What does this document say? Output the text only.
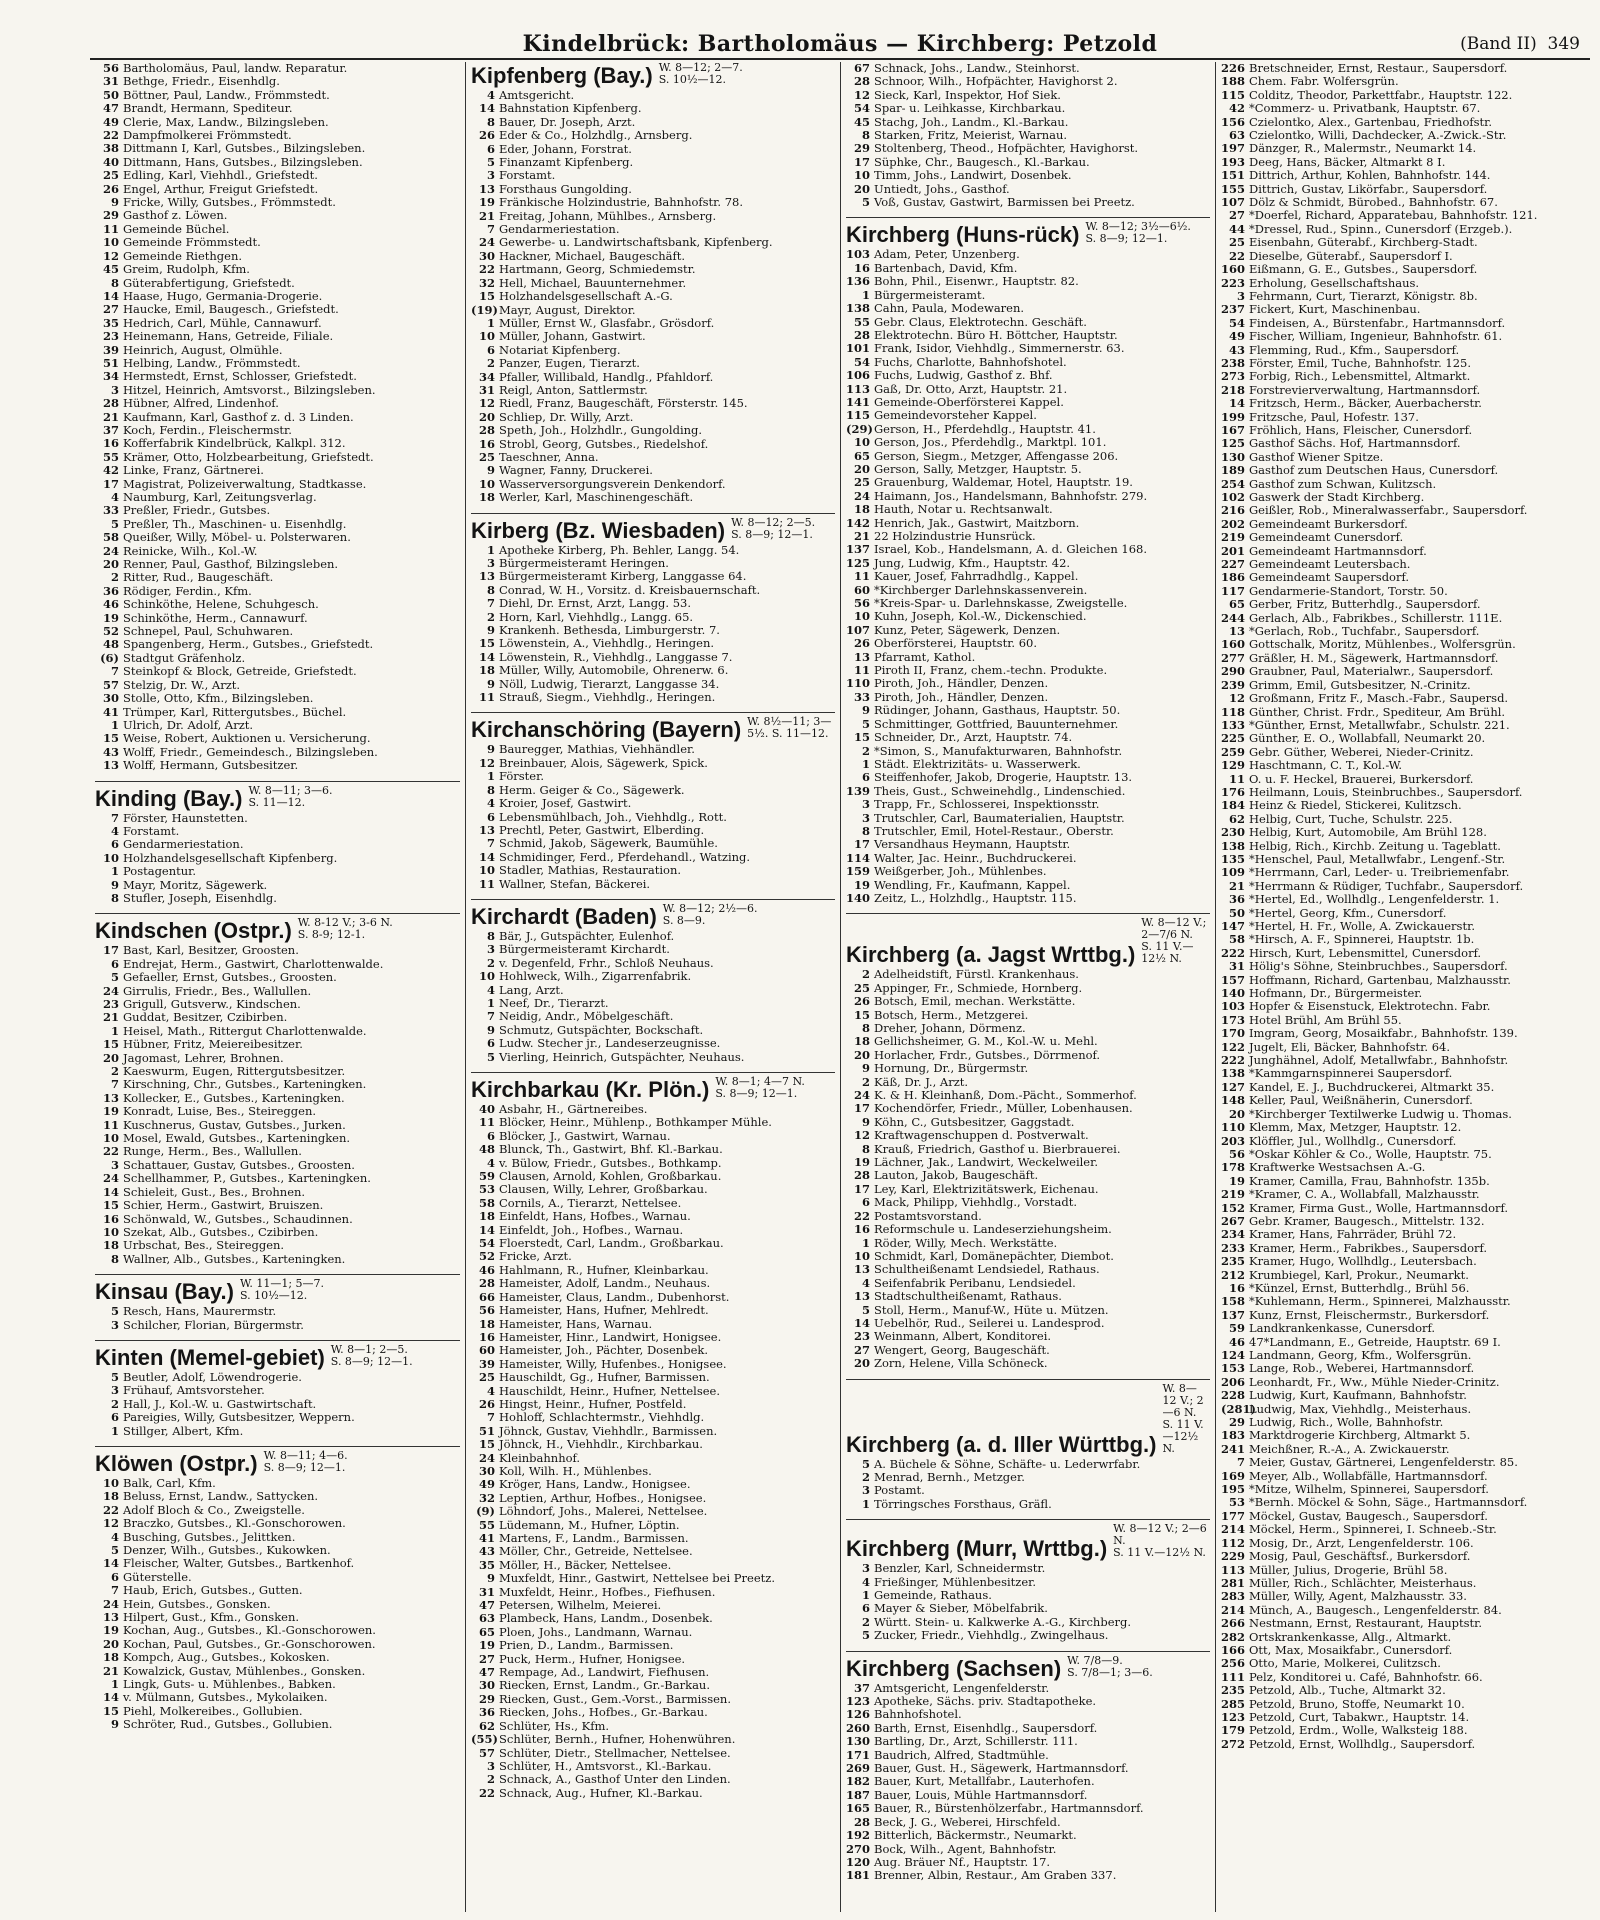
Kindelbrück: Bartholomäus — Kirchberg: Petzold	(Band II) 349
56 Bartholomäus, Paul, landw. Reparatur.
31 Bethge, Friedr., Eisenhdlg.
50 Böttner, Paul, Landw., Frömmstedt.
47 Brandt, Hermann, Spediteur.
49 Clerie, Max, Landw., Bilzingsleben.
22 Dampfmolkerei Frömmstedt.
38 Dittmann I, Karl, Gutsbes., Bilzingsleben.
40 Dittmann, Hans, Gutsbes., Bilzingsleben.
25 Edling, Karl, Viehhdl., Griefstedt.
26 Engel, Arthur, Freigut Griefstedt.
9 Fricke, Willy, Gutsbes., Frömmstedt.
29 Gasthof z. Löwen.
11 Gemeinde Büchel.
10 Gemeinde Frömmstedt.
12 Gemeinde Riethgen.
45 Greim, Rudolph, Kfm.
8 Güterabfertigung, Griefstedt.
14 Haase, Hugo, Germania-Drogerie.
27 Haucke, Emil, Baugesch., Griefstedt.
35 Hedrich, Carl, Mühle, Cannawurf.
23 Heinemann, Hans, Getreide, Filiale.
39 Heinrich, August, Olmühle.
51 Helbing, Landw., Frömmstedt.
34 Hermstedt, Ernst, Schlosser, Griefstedt.
3 Hitzel, Heinrich, Amtsvorst., Bilzingsleben.
28 Hübner, Alfred, Lindenhof.
21 Kaufmann, Karl, Gasthof z. d. 3 Linden.
37 Koch, Ferdin., Fleischermstr.
16 Kofferfabrik Kindelbrück, Kalkpl. 312.
55 Krämer, Otto, Holzbearbeitung, Griefstedt.
42 Linke, Franz, Gärtnerei.
17 Magistrat, Polizeiverwaltung, Stadtkasse.
4 Naumburg, Karl, Zeitungsverlag.
33 Preßler, Friedr., Gutsbes.
5 Preßler, Th., Maschinen- u. Eisenhdlg.
58 Queißer, Willy, Möbel- u. Polsterwaren.
24 Reinicke, Wilh., Kol.-W.
20 Renner, Paul, Gasthof, Bilzingsleben.
2 Ritter, Rud., Baugeschäft.
36 Rödiger, Ferdin., Kfm.
46 Schinköthe, Helene, Schuhgesch.
19 Schinköthe, Herm., Cannawurf.
52 Schnepel, Paul, Schuhwaren.
48 Spangenberg, Herm., Gutsbes., Griefstedt.
(6) Stadtgut Gräfenholz.
7 Steinkopf & Block, Getreide, Griefstedt.
57 Stelzig, Dr. W., Arzt.
30 Stolle, Otto, Kfm., Bilzingsleben.
41 Trümper, Karl, Rittergutsbes., Büchel.
1 Ulrich, Dr. Adolf, Arzt.
15 Weise, Robert, Auktionen u. Versicherung.
43 Wolff, Friedr., Gemeindesch., Bilzingsleben.
13 Wolff, Hermann, Gutsbesitzer.
Kinding (Bay.) W. 8—11; 3—6.
S. 11—12.
7 Förster, Haunstetten.
4 Forstamt.
6 Gendarmeriestation.
10 Holzhandelsgesellschaft Kipfenberg.
1 Postagentur.
9 Mayr, Moritz, Sägewerk.
8 Stufler, Joseph, Eisenhdlg.
Kindschen (Ostpr.) W. 8-12 V.; 3-6 N.
S. 8-9; 12-1.
17 Bast, Karl, Besitzer, Groosten.
6 Endrejat, Herm., Gastwirt, Charlottenwalde.
5 Gefaeller, Ernst, Gutsbes., Groosten.
24 Girrulis, Friedr., Bes., Wallullen.
23 Grigull, Gutsverw., Kindschen.
21 Guddat, Besitzer, Czibirben.
1 Heisel, Math., Rittergut Charlottenwalde.
15 Hübner, Fritz, Meiereibesitzer.
20 Jagomast, Lehrer, Brohnen.
2 Kaeswurm, Eugen, Rittergutsbesitzer.
7 Kirschning, Chr., Gutsbes., Karteningken.
13 Kollecker, E., Gutsbes., Karteningken.
19 Konradt, Luise, Bes., Steireggen.
11 Kuschnerus, Gustav, Gutsbes., Jurken.
10 Mosel, Ewald, Gutsbes., Karteningken.
22 Runge, Herm., Bes., Wallullen.
3 Schattauer, Gustav, Gutsbes., Groosten.
24 Schellhammer, P., Gutsbes., Karteningken.
14 Schieleit, Gust., Bes., Brohnen.
15 Schier, Herm., Gastwirt, Bruiszen.
16 Schönwald, W., Gutsbes., Schaudinnen.
10 Szekat, Alb., Gutsbes., Czibirben.
18 Urbschat, Bes., Steireggen.
8 Wallner, Alb., Gutsbes., Karteningken.
Kinsau (Bay.) W. 11—1; 5—7.
S. 10½—12.
5 Resch, Hans, Maurermstr.
3 Schilcher, Florian, Bürgermstr.
Kinten (Memel-gebiet) W. 8—1; 2—5.
S. 8—9; 12—1.
5 Beutler, Adolf, Löwendrogerie.
3 Frühauf, Amtsvorsteher.
2 Hall, J., Kol.-W. u. Gastwirtschaft.
6 Pareigies, Willy, Gutsbesitzer, Weppern.
1 Stillger, Albert, Kfm.
Klöwen (Ostpr.) W. 8—11; 4—6.
S. 8—9; 12—1.
10 Balk, Carl, Kfm.
18 Beluss, Ernst, Landw., Sattycken.
22 Adolf Bloch & Co., Zweigstelle.
12 Braczko, Gutsbes., Kl.-Gonschorowen.
4 Busching, Gutsbes., Jelittken.
5 Denzer, Wilh., Gutsbes., Kukowken.
14 Fleischer, Walter, Gutsbes., Bartkenhof.
6 Güterstelle.
7 Haub, Erich, Gutsbes., Gutten.
24 Hein, Gutsbes., Gonsken.
13 Hilpert, Gust., Kfm., Gonsken.
19 Kochan, Aug., Gutsbes., Kl.-Gonschorowen.
20 Kochan, Paul, Gutsbes., Gr.-Gonschorowen.
18 Kompch, Aug., Gutsbes., Kokosken.
21 Kowalzick, Gustav, Mühlenbes., Gonsken.
1 Lingk, Guts- u. Mühlenbes., Babken.
14 v. Mülmann, Gutsbes., Mykolaiken.
15 Piehl, Molkereibes., Gollubien.
9 Schröter, Rud., Gutsbes., Gollubien.
Kipfenberg (Bay.) W. 8—12; 2—7.
S. 10½—12.
4 Amtsgericht.
14 Bahnstation Kipfenberg.
8 Bauer, Dr. Joseph, Arzt.
26 Eder & Co., Holzhdlg., Arnsberg.
6 Eder, Johann, Forstrat.
5 Finanzamt Kipfenberg.
3 Forstamt.
13 Forsthaus Gungolding.
19 Fränkische Holzindustrie, Bahnhofstr. 78.
21 Freitag, Johann, Mühlbes., Arnsberg.
7 Gendarmeriestation.
24 Gewerbe- u. Landwirtschaftsbank, Kipfenberg.
30 Hackner, Michael, Baugeschäft.
22 Hartmann, Georg, Schmiedemstr.
32 Hell, Michael, Bauunternehmer.
15 Holzhandelsgesellschaft A.-G.
(19)Mayr, August, Direktor.
1 Müller, Ernst W., Glasfabr., Grösdorf.
10 Müller, Johann, Gastwirt.
6 Notariat Kipfenberg.
2 Panzer, Eugen, Tierarzt.
34 Pfaller, Willibald, Handlg., Pfahldorf.
31 Reigl, Anton, Sattlermstr.
12 Riedl, Franz, Baugeschäft, Försterstr. 145.
20 Schliep, Dr. Willy, Arzt.
28 Speth, Joh., Holzhdlr., Gungolding.
16 Strobl, Georg, Gutsbes., Riedelshof.
25 Taeschner, Anna.
9 Wagner, Fanny, Druckerei.
10 Wasserversorgungsverein Denkendorf.
18 Werler, Karl, Maschinengeschäft.
Kirberg (Bz. Wiesbaden) W. 8—12; 2—5.
S. 8—9; 12—1.
1 Apotheke Kirberg, Ph. Behler, Langg. 54.
3 Bürgermeisteramt Heringen.
13 Bürgermeisteramt Kirberg, Langgasse 64.
8 Conrad, W. H., Vorsitz. d. Kreisbauernschaft.
7 Diehl, Dr. Ernst, Arzt, Langg. 53.
2 Horn, Karl, Viehhdlg., Langg. 65.
9 Krankenh. Bethesda, Limburgerstr. 7.
15 Löwenstein, A., Viehhdlg., Heringen.
14 Löwenstein, R., Viehhdlg., Langgasse 7.
18 Müller, Willy, Automobile, Ohrenerw. 6.
9 Nöll, Ludwig, Tierarzt, Langgasse 34.
11 Strauß, Siegm., Viehhdlg., Heringen.
Kirchanschöring (Bayern) W. 8½—11; 3—5½. S. 11—12.
9 Bauregger, Mathias, Viehhändler.
12 Breinbauer, Alois, Sägewerk, Spick.
1 Förster.
8 Herm. Geiger & Co., Sägewerk.
4 Kroier, Josef, Gastwirt.
6 Lebensmühlbach, Joh., Viehhdlg., Rott.
13 Prechtl, Peter, Gastwirt, Elberding.
7 Schmid, Jakob, Sägewerk, Baumühle.
14 Schmidinger, Ferd., Pferdehandl., Watzing.
10 Stadler, Mathias, Restauration.
11 Wallner, Stefan, Bäckerei.
Kirchardt (Baden) W. 8—12; 2½—6.
S. 8—9.
8 Bär, J., Gutspächter, Eulenhof.
3 Bürgermeisteramt Kirchardt.
2 v. Degenfeld, Frhr., Schloß Neuhaus.
10 Hohlweck, Wilh., Zigarrenfabrik.
4 Lang, Arzt.
1 Neef, Dr., Tierarzt.
7 Neidig, Andr., Möbelgeschäft.
9 Schmutz, Gutspächter, Bockschaft.
6 Ludw. Stecher jr., Landeserzeugnisse.
5 Vierling, Heinrich, Gutspächter, Neuhaus.
Kirchbarkau (Kr. Plön.) W. 8—1; 4—7 N.
S. 8—9; 12—1.
40 Asbahr, H., Gärtnereibes.
11 Blöcker, Heinr., Mühlenp., Bothkamper Mühle.
6 Blöcker, J., Gastwirt, Warnau.
48 Blunck, Th., Gastwirt, Bhf. Kl.-Barkau.
4 v. Bülow, Friedr., Gutsbes., Bothkamp.
59 Clausen, Arnold, Kohlen, Großbarkau.
53 Clausen, Willy, Lehrer, Großbarkau.
58 Cornils, A., Tierarzt, Nettelsee.
18 Einfeldt, Hans, Hofbes., Warnau.
14 Einfeldt, Joh., Hofbes., Warnau.
54 Floerstedt, Carl, Landm., Großbarkau.
52 Fricke, Arzt.
46 Hahlmann, R., Hufner, Kleinbarkau.
28 Hameister, Adolf, Landm., Neuhaus.
66 Hameister, Claus, Landm., Dubenhorst.
56 Hameister, Hans, Hufner, Mehlredt.
18 Hameister, Hans, Warnau.
16 Hameister, Hinr., Landwirt, Honigsee.
60 Hameister, Joh., Pächter, Dosenbek.
39 Hameister, Willy, Hufenbes., Honigsee.
25 Hauschildt, Gg., Hufner, Barmissen.
4 Hauschildt, Heinr., Hufner, Nettelsee.
26 Hingst, Heinr., Hufner, Postfeld.
7 Hohloff, Schlachtermstr., Viehhdlg.
51 Jöhnck, Gustav, Viehhdlr., Barmissen.
15 Jöhnck, H., Viehhdlr., Kirchbarkau.
24 Kleinbahnhof.
30 Koll, Wilh. H., Mühlenbes.
49 Kröger, Hans, Landw., Honigsee.
32 Leptien, Arthur, Hofbes., Honigsee.
(9) Löhndorf, Johs., Malerei, Nettelsee.
55 Lüdemann, M., Hufner, Löptin.
41 Martens, F., Landm., Barmissen.
43 Möller, Chr., Getreide, Nettelsee.
35 Möller, H., Bäcker, Nettelsee.
9 Muxfeldt, Hinr., Gastwirt, Nettelsee bei Preetz.
31 Muxfeldt, Heinr., Hofbes., Fiefhusen.
47 Petersen, Wilhelm, Meierei.
63 Plambeck, Hans, Landm., Dosenbek.
65 Ploen, Johs., Landmann, Warnau.
19 Prien, D., Landm., Barmissen.
27 Puck, Herm., Hufner, Honigsee.
47 Rempage, Ad., Landwirt, Fiefhusen.
30 Riecken, Ernst, Landm., Gr.-Barkau.
29 Riecken, Gust., Gem.-Vorst., Barmissen.
36 Riecken, Johs., Hofbes., Gr.-Barkau.
62 Schlüter, Hs., Kfm.
(55)Schlüter, Bernh., Hufner, Hohenwühren.
57 Schlüter, Dietr., Stellmacher, Nettelsee.
3 Schlüter, H., Amtsvorst., Kl.-Barkau.
2 Schnack, A., Gasthof Unter den Linden.
22 Schnack, Aug., Hufner, Kl.-Barkau.
67 Schnack, Johs., Landw., Steinhorst.
28 Schnoor, Wilh., Hofpächter, Havighorst 2.
12 Sieck, Karl, Inspektor, Hof Siek.
54 Spar- u. Leihkasse, Kirchbarkau.
45 Stachg, Joh., Landm., Kl.-Barkau.
8 Starken, Fritz, Meierist, Warnau.
29 Stoltenberg, Theod., Hofpächter, Havighorst.
17 Süphke, Chr., Baugesch., Kl.-Barkau.
10 Timm, Johs., Landwirt, Dosenbek.
20 Untiedt, Johs., Gasthof.
5 Voß, Gustav, Gastwirt, Barmissen bei Preetz.
Kirchberg (Huns-rück) W. 8—12; 3½—6½.
S. 8—9; 12—1.
103 Adam, Peter, Unzenberg.
16 Bartenbach, David, Kfm.
136 Bohn, Phil., Eisenwr., Hauptstr. 82.
1 Bürgermeisteramt.
138 Cahn, Paula, Modewaren.
55 Gebr. Claus, Elektrotechn. Geschäft.
28 Elektrotechn. Büro H. Böttcher, Hauptstr.
101 Frank, Isidor, Viehhdlg., Simmernerstr. 63.
54 Fuchs, Charlotte, Bahnhofshotel.
106 Fuchs, Ludwig, Gasthof z. Bhf.
113 Gaß, Dr. Otto, Arzt, Hauptstr. 21.
141 Gemeinde-Oberförsterei Kappel.
115 Gemeindevorsteher Kappel.
(29)Gerson, H., Pferdehdlg., Hauptstr. 41.
10 Gerson, Jos., Pferdehdlg., Marktpl. 101.
65 Gerson, Siegm., Metzger, Affengasse 206.
20 Gerson, Sally, Metzger, Hauptstr. 5.
25 Grauenburg, Waldemar, Hotel, Hauptstr. 19.
24 Haimann, Jos., Handelsmann, Bahnhofstr. 279.
18 Hauth, Notar u. Rechtsanwalt.
142 Henrich, Jak., Gastwirt, Maitzborn.
21 22 Holzindustrie Hunsrück.
137 Israel, Kob., Handelsmann, A. d. Gleichen 168.
125 Jung, Ludwig, Kfm., Hauptstr. 42.
11 Kauer, Josef, Fahrradhdlg., Kappel.
60 *Kirchberger Darlehnskassenverein.
56 *Kreis-Spar- u. Darlehnskasse, Zweigstelle.
10 Kuhn, Joseph, Kol.-W., Dickenschied.
107 Kunz, Peter, Sägewerk, Denzen.
26 Oberförsterei, Hauptstr. 60.
13 Pfarramt, Kathol.
11 Piroth II, Franz, chem.-techn. Produkte.
110 Piroth, Joh., Händler, Denzen.
33 Piroth, Joh., Händler, Denzen.
9 Rüdinger, Johann, Gasthaus, Hauptstr. 50.
5 Schmittinger, Gottfried, Bauunternehmer.
15 Schneider, Dr., Arzt, Hauptstr. 74.
2 *Simon, S., Manufakturwaren, Bahnhofstr.
1 Städt. Elektrizitäts- u. Wasserwerk.
6 Steiffenhofer, Jakob, Drogerie, Hauptstr. 13.
139 Theis, Gust., Schweinehdlg., Lindenschied.
3 Trapp, Fr., Schlosserei, Inspektionsstr.
3 Trutschler, Carl, Baumaterialien, Hauptstr.
8 Trutschler, Emil, Hotel-Restaur., Oberstr.
17 Versandhaus Heymann, Hauptstr.
114 Walter, Jac. Heinr., Buchdruckerei.
159 Weißgerber, Joh., Mühlenbes.
19 Wendling, Fr., Kaufmann, Kappel.
140 Zeitz, L., Holzhdlg., Hauptstr. 115.
Kirchberg (a. Jagst Wrttbg.)
W. 8—12 V.; 2—7/6 N.
S. 11 V.—12½ N.
2 Adelheidstift, Fürstl. Krankenhaus.
25 Appinger, Fr., Schmiede, Hornberg.
26 Botsch, Emil, mechan. Werkstätte.
15 Botsch, Herm., Metzgerei.
8 Dreher, Johann, Dörmenz.
18 Gellichsheimer, G. M., Kol.-W. u. Mehl.
20 Horlacher, Frdr., Gutsbes., Dörrmenof.
9 Hornung, Dr., Bürgermstr.
2 Käß, Dr. J., Arzt.
24 K. & H. Kleinhanß, Dom.-Pächt., Sommerhof.
17 Kochendörfer, Friedr., Müller, Lobenhausen.
9 Köhn, C., Gutsbesitzer, Gaggstadt.
12 Kraftwagenschuppen d. Postverwalt.
8 Krauß, Friedrich, Gasthof u. Bierbrauerei.
19 Lächner, Jak., Landwirt, Weckelweiler.
28 Lauton, Jakob, Baugeschäft.
17 Ley, Karl, Elektrizitätswerk, Eichenau.
6 Mack, Philipp, Viehhdlg., Vorstadt.
22 Postamtsvorstand.
16 Reformschule u. Landeserziehungsheim.
1 Röder, Willy, Mech. Werkstätte.
10 Schmidt, Karl, Domänepächter, Diembot.
13 Schultheißenamt Lendsiedel, Rathaus.
4 Seifenfabrik Peribanu, Lendsiedel.
13 Stadtschultheißenamt, Rathaus.
5 Stoll, Herm., Manuf-W., Hüte u. Mützen.
14 Uebelhör, Rud., Seilerei u. Landesprod.
23 Weinmann, Albert, Konditorei.
27 Wengert, Georg, Baugeschäft.
20 Zorn, Helene, Villa Schöneck.
Kirchberg (a. d. Iller Württbg.)
W. 8—12 V.; 2—6 N.
S. 11 V.—12½ N.
5 A. Büchele & Söhne, Schäfte- u. Lederwrfabr.
2 Menrad, Bernh., Metzger.
3 Postamt.
1 Törringsches Forsthaus, Gräfl.
Kirchberg (Murr, Wrttbg.)
W. 8—12 V.; 2—6 N.
S. 11 V.—12½ N.
3 Benzler, Karl, Schneidermstr.
4 Frießinger, Mühlenbesitzer.
1 Gemeinde, Rathaus.
6 Mayer & Sieber, Möbelfabrik.
2 Württ. Stein- u. Kalkwerke A.-G., Kirchberg.
5 Zucker, Friedr., Viehhdlg., Zwingelhaus.
Kirchberg (Sachsen) W. 7/8—9.
S. 7/8—1; 3—6.
37 Amtsgericht, Lengenfelderstr.
123 Apotheke, Sächs. priv. Stadtapotheke.
126 Bahnhofshotel.
260 Barth, Ernst, Eisenhdlg., Saupersdorf.
130 Bartling, Dr., Arzt, Schillerstr. 111.
171 Baudrich, Alfred, Stadtmühle.
269 Bauer, Gust. H., Sägewerk, Hartmannsdorf.
182 Bauer, Kurt, Metallfabr., Lauterhofen.
187 Bauer, Louis, Mühle Hartmannsdorf.
165 Bauer, R., Bürstenhölzerfabr., Hartmannsdorf.
28 Beck, J. G., Weberei, Hirschfeld.
192 Bitterlich, Bäckermstr., Neumarkt.
270 Bock, Wilh., Agent, Bahnhofstr.
120 Aug. Bräuer Nf., Hauptstr. 17.
181 Brenner, Albin, Restaur., Am Graben 337.
226 Bretschneider, Ernst, Restaur., Saupersdorf.
188 Chem. Fabr. Wolfersgrün.
115 Colditz, Theodor, Parkettfabr., Hauptstr. 122.
42 *Commerz- u. Privatbank, Hauptstr. 67.
156 Czielontko, Alex., Gartenbau, Friedhofstr.
63 Czielontko, Willi, Dachdecker, A.-Zwick.-Str.
197 Dänzger, R., Malermstr., Neumarkt 14.
193 Deeg, Hans, Bäcker, Altmarkt 8 I.
151 Dittrich, Arthur, Kohlen, Bahnhofstr. 144.
155 Dittrich, Gustav, Likörfabr., Saupersdorf.
107 Dölz & Schmidt, Bürobed., Bahnhofstr. 67.
27 *Doerfel, Richard, Apparatebau, Bahnhofstr. 121.
44 *Dressel, Rud., Spinn., Cunersdorf (Erzgeb.).
25 Eisenbahn, Güterabf., Kirchberg-Stadt.
22 Dieselbe, Güterabf., Saupersdorf I.
160 Eißmann, G. E., Gutsbes., Saupersdorf.
223 Erholung, Gesellschaftshaus.
3 Fehrmann, Curt, Tierarzt, Königstr. 8b.
237 Fickert, Kurt, Maschinenbau.
54 Findeisen, A., Bürstenfabr., Hartmannsdorf.
49 Fischer, William, Ingenieur, Bahnhofstr. 61.
43 Flemming, Rud., Kfm., Saupersdorf.
238 Förster, Emil, Tuche, Bahnhofstr. 125.
273 Forbig, Rich., Lebensmittel, Altmarkt.
218 Forstrevierverwaltung, Hartmannsdorf.
14 Fritzsch, Herm., Bäcker, Auerbacherstr.
199 Fritzsche, Paul, Hofestr. 137.
167 Fröhlich, Hans, Fleischer, Cunersdorf.
125 Gasthof Sächs. Hof, Hartmannsdorf.
130 Gasthof Wiener Spitze.
189 Gasthof zum Deutschen Haus, Cunersdorf.
254 Gasthof zum Schwan, Kulitzsch.
102 Gaswerk der Stadt Kirchberg.
216 Geißler, Rob., Mineralwasserfabr., Saupersdorf.
202 Gemeindeamt Burkersdorf.
219 Gemeindeamt Cunersdorf.
201 Gemeindeamt Hartmannsdorf.
227 Gemeindeamt Leutersbach.
186 Gemeindeamt Saupersdorf.
117 Gendarmerie-Standort, Torstr. 50.
65 Gerber, Fritz, Butterhdlg., Saupersdorf.
244 Gerlach, Alb., Fabrikbes., Schillerstr. 111E.
13 *Gerlach, Rob., Tuchfabr., Saupersdorf.
160 Gottschalk, Moritz, Mühlenbes., Wolfersgrün.
277 Gräßler, H. M., Sägewerk, Hartmannsdorf.
290 Graubner, Paul, Materialwr., Saupersdorf.
239 Grimm, Emil, Gutsbesitzer, N.-Crinitz.
12 Großmann, Fritz F., Masch.-Fabr., Saupersd.
118 Günther, Christ. Frdr., Spediteur, Am Brühl.
133 *Günther, Ernst, Metallwfabr., Schulstr. 221.
225 Günther, E. O., Wollabfall, Neumarkt 20.
259 Gebr. Güther, Weberei, Nieder-Crinitz.
129 Haschtmann, C. T., Kol.-W.
11 O. u. F. Heckel, Brauerei, Burkersdorf.
176 Heilmann, Louis, Steinbruchbes., Saupersdorf.
184 Heinz & Riedel, Stickerei, Kulitzsch.
62 Helbig, Curt, Tuche, Schulstr. 225.
230 Helbig, Kurt, Automobile, Am Brühl 128.
138 Helbig, Rich., Kirchb. Zeitung u. Tageblatt.
135 *Henschel, Paul, Metallwfabr., Lengenf.-Str.
109 *Herrmann, Carl, Leder- u. Treibriemenfabr.
21 *Herrmann & Rüdiger, Tuchfabr., Saupersdorf.
36 *Hertel, Ed., Wollhdlg., Lengenfelderstr. 1.
50 *Hertel, Georg, Kfm., Cunersdorf.
147 *Hertel, H. Fr., Wolle, A. Zwickauerstr.
58 *Hirsch, A. F., Spinnerei, Hauptstr. 1b.
222 Hirsch, Kurt, Lebensmittel, Cunersdorf.
31 Hölig's Söhne, Steinbruchbes., Saupersdorf.
157 Hoffmann, Richard, Gartenbau, Malzhausstr.
140 Hofmann, Dr., Bürgermeister.
103 Hopfer & Eisenstuck, Elektrotechn. Fabr.
173 Hotel Brühl, Am Brühl 55.
170 Imgram, Georg, Mosaikfabr., Bahnhofstr. 139.
122 Jugelt, Eli, Bäcker, Bahnhofstr. 64.
222 Junghähnel, Adolf, Metallwfabr., Bahnhofstr.
138 *Kammgarnspinnerei Saupersdorf.
127 Kandel, E. J., Buchdruckerei, Altmarkt 35.
148 Keller, Paul, Weißnäherin, Cunersdorf.
20 *Kirchberger Textilwerke Ludwig u. Thomas.
110 Klemm, Max, Metzger, Hauptstr. 12.
203 Klöffler, Jul., Wollhdlg., Cunersdorf.
56 *Oskar Köhler & Co., Wolle, Hauptstr. 75.
178 Kraftwerke Westsachsen A.-G.
19 Kramer, Camilla, Frau, Bahnhofstr. 135b.
219 *Kramer, C. A., Wollabfall, Malzhausstr.
152 Kramer, Firma Gust., Wolle, Hartmannsdorf.
267 Gebr. Kramer, Baugesch., Mittelstr. 132.
234 Kramer, Hans, Fahrräder, Brühl 72.
233 Kramer, Herm., Fabrikbes., Saupersdorf.
235 Kramer, Hugo, Wollhdlg., Leutersbach.
212 Krumbiegel, Karl, Prokur., Neumarkt.
16 *Künzel, Ernst, Butterhdlg., Brühl 56.
158 *Kuhlemann, Herm., Spinnerei, Malzhausstr.
137 Kunz, Ernst, Fleischermstr., Burkersdorf.
59 Landkrankenkasse, Cunersdorf.
46 47*Landmann, E., Getreide, Hauptstr. 69 I.
124 Landmann, Georg, Kfm., Wolfersgrün.
153 Lange, Rob., Weberei, Hartmannsdorf.
206 Leonhardt, Fr., Ww., Mühle Nieder-Crinitz.
228 Ludwig, Kurt, Kaufmann, Bahnhofstr.
(281)Ludwig, Max, Viehhdlg., Meisterhaus.
29 Ludwig, Rich., Wolle, Bahnhofstr.
183 Marktdrogerie Kirchberg, Altmarkt 5.
241 Meichßner, R.-A., A. Zwickauerstr.
7 Meier, Gustav, Gärtnerei, Lengenfelderstr. 85.
169 Meyer, Alb., Wollabfälle, Hartmannsdorf.
195 *Mitze, Wilhelm, Spinnerei, Saupersdorf.
53 *Bernh. Möckel & Sohn, Säge., Hartmannsdorf.
177 Möckel, Gustav, Baugesch., Saupersdorf.
214 Möckel, Herm., Spinnerei, I. Schneeb.-Str.
112 Mosig, Dr., Arzt, Lengenfelderstr. 106.
229 Mosig, Paul, Geschäftsf., Burkersdorf.
113 Müller, Julius, Drogerie, Brühl 58.
281 Müller, Rich., Schlächter, Meisterhaus.
283 Müller, Willy, Agent, Malzhausstr. 33.
214 Münch, A., Baugesch., Lengenfelderstr. 84.
266 Nestmann, Ernst, Restaurant, Hauptstr.
282 Ortskrankenkasse, Allg., Altmarkt.
166 Ott, Max, Mosaikfabr., Cunersdorf.
256 Otto, Marie, Molkerei, Culitzsch.
111 Pelz, Konditorei u. Café, Bahnhofstr. 66.
235 Petzold, Alb., Tuche, Altmarkt 32.
285 Petzold, Bruno, Stoffe, Neumarkt 10.
123 Petzold, Curt, Tabakwr., Hauptstr. 14.
179 Petzold, Erdm., Wolle, Walksteig 188.
272 Petzold, Ernst, Wollhdlg., Saupersdorf.
